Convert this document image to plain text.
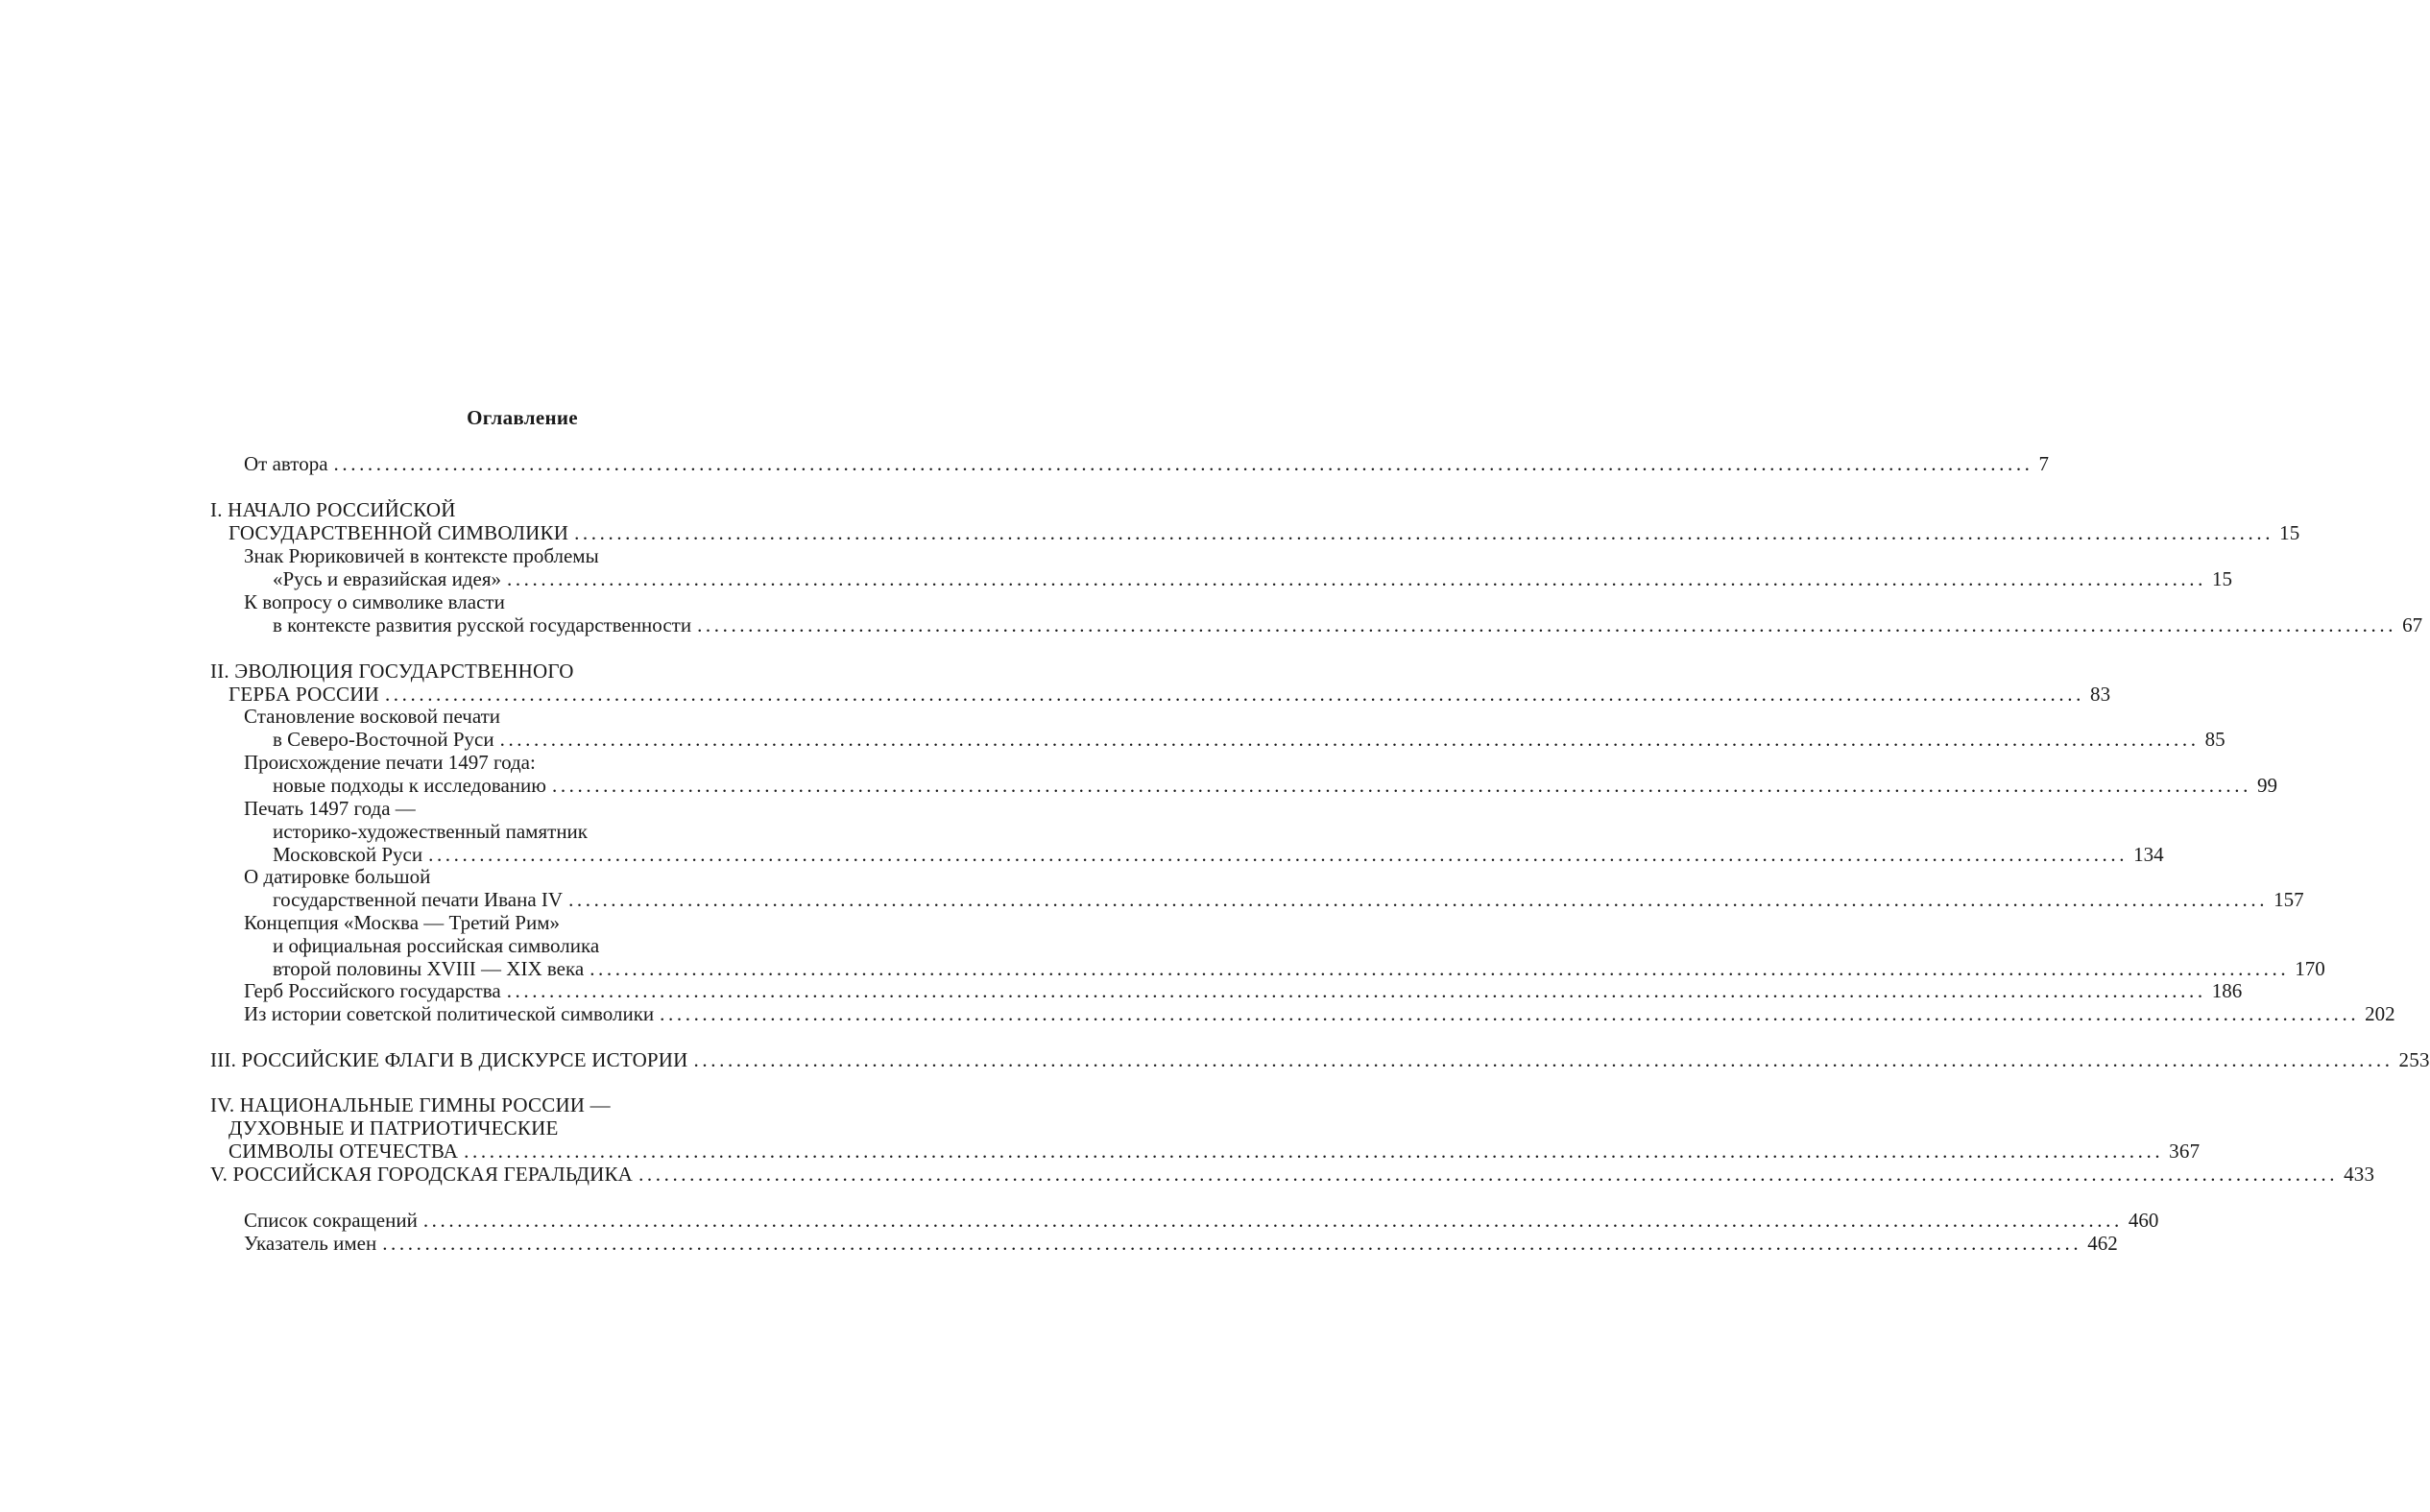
Оглавление
От автора ........................................................................................................................................................................................................ 7
I. НАЧАЛО РОССИЙСКОЙ
ГОСУДАРСТВЕННОЙ СИМВОЛИКИ ........................................................................................................................................................................................................ 15
Знак Рюриковичей в контексте проблемы
«Русь и евразийская идея» ........................................................................................................................................................................................................ 15
К вопросу о символике власти
в контексте развития русской государственности ........................................................................................................................................................................................................ 67
II. ЭВОЛЮЦИЯ ГОСУДАРСТВЕННОГО
ГЕРБА РОССИИ ........................................................................................................................................................................................................ 83
Становление восковой печати
в Северо-Восточной Руси ........................................................................................................................................................................................................ 85
Происхождение печати 1497 года:
новые подходы к исследованию ........................................................................................................................................................................................................ 99
Печать 1497 года —
историко-художественный памятник
Московской Руси ........................................................................................................................................................................................................ 134
О датировке большой
государственной печати Ивана IV ........................................................................................................................................................................................................ 157
Концепция «Москва — Третий Рим»
и официальная российская символика
второй половины XVIII — XIX века ........................................................................................................................................................................................................ 170
Герб Российского государства ........................................................................................................................................................................................................ 186
Из истории советской политической символики ........................................................................................................................................................................................................ 202
III. РОССИЙСКИЕ ФЛАГИ В ДИСКУРСЕ ИСТОРИИ ........................................................................................................................................................................................................ 253
IV. НАЦИОНАЛЬНЫЕ ГИМНЫ РОССИИ —
ДУХОВНЫЕ И ПАТРИОТИЧЕСКИЕ
СИМВОЛЫ ОТЕЧЕСТВА ........................................................................................................................................................................................................ 367
V. РОССИЙСКАЯ ГОРОДСКАЯ ГЕРАЛЬДИКА ........................................................................................................................................................................................................ 433
Список сокращений ........................................................................................................................................................................................................ 460
Указатель имен ........................................................................................................................................................................................................ 462
